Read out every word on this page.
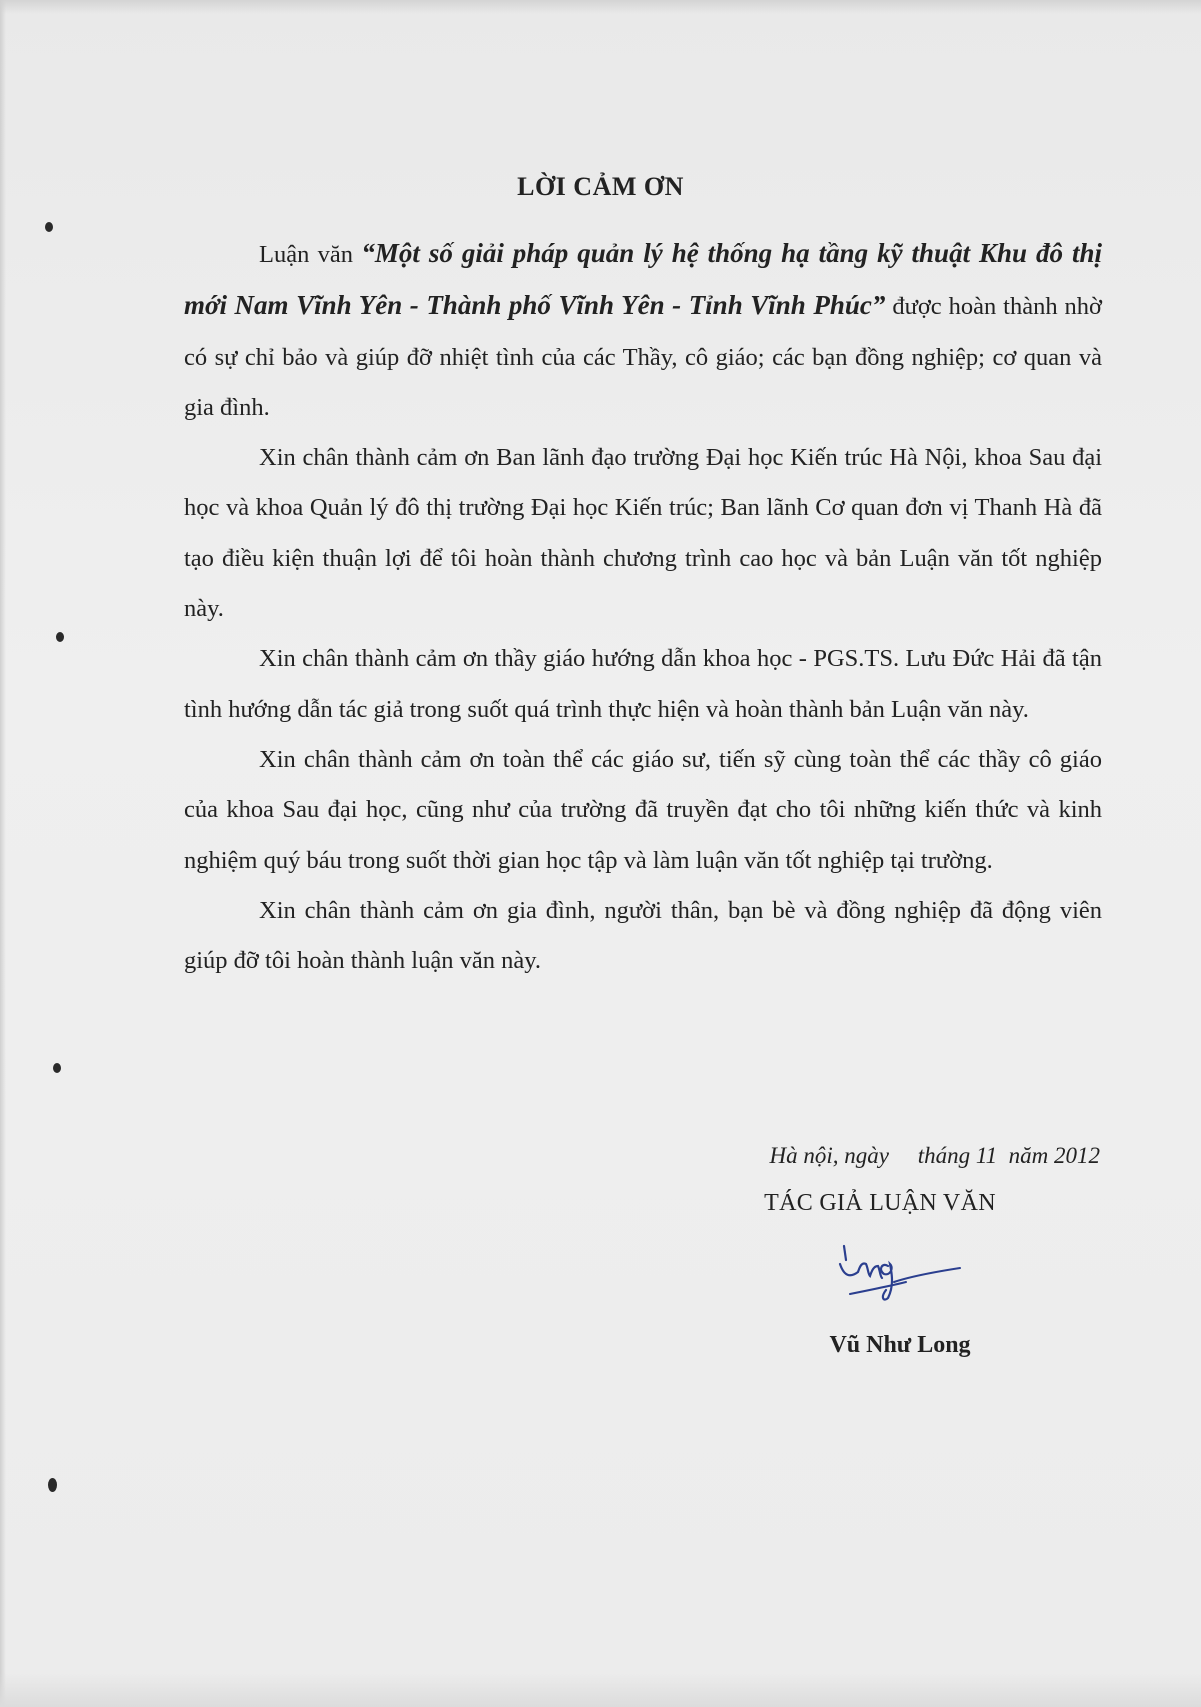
LỜI CẢM ƠN

Luận văn “Một số giải pháp quản lý hệ thống hạ tầng kỹ thuật Khu đô thị mới Nam Vĩnh Yên - Thành phố Vĩnh Yên - Tỉnh Vĩnh Phúc” được hoàn thành nhờ có sự chỉ bảo và giúp đỡ nhiệt tình của các Thầy, cô giáo; các bạn đồng nghiệp; cơ quan và gia đình.

Xin chân thành cảm ơn Ban lãnh đạo trường Đại học Kiến trúc Hà Nội, khoa Sau đại học và khoa Quản lý đô thị trường Đại học Kiến trúc; Ban lãnh Cơ quan đơn vị Thanh Hà đã tạo điều kiện thuận lợi để tôi hoàn thành chương trình cao học và bản Luận văn tốt nghiệp này.

Xin chân thành cảm ơn thầy giáo hướng dẫn khoa học - PGS.TS. Lưu Đức Hải đã tận tình hướng dẫn tác giả trong suốt quá trình thực hiện và hoàn thành bản Luận văn này.

Xin chân thành cảm ơn toàn thể các giáo sư, tiến sỹ cùng toàn thể các thầy cô giáo của khoa Sau đại học, cũng như của trường đã truyền đạt cho tôi những kiến thức và kinh nghiệm quý báu trong suốt thời gian học tập và làm luận văn tốt nghiệp tại trường.

Xin chân thành cảm ơn gia đình, người thân, bạn bè và đồng nghiệp đã động viên giúp đỡ tôi hoàn thành luận văn này.

Hà nội, ngày     tháng 11  năm 2012
TÁC GIẢ LUẬN VĂN
Vũ Như Long
